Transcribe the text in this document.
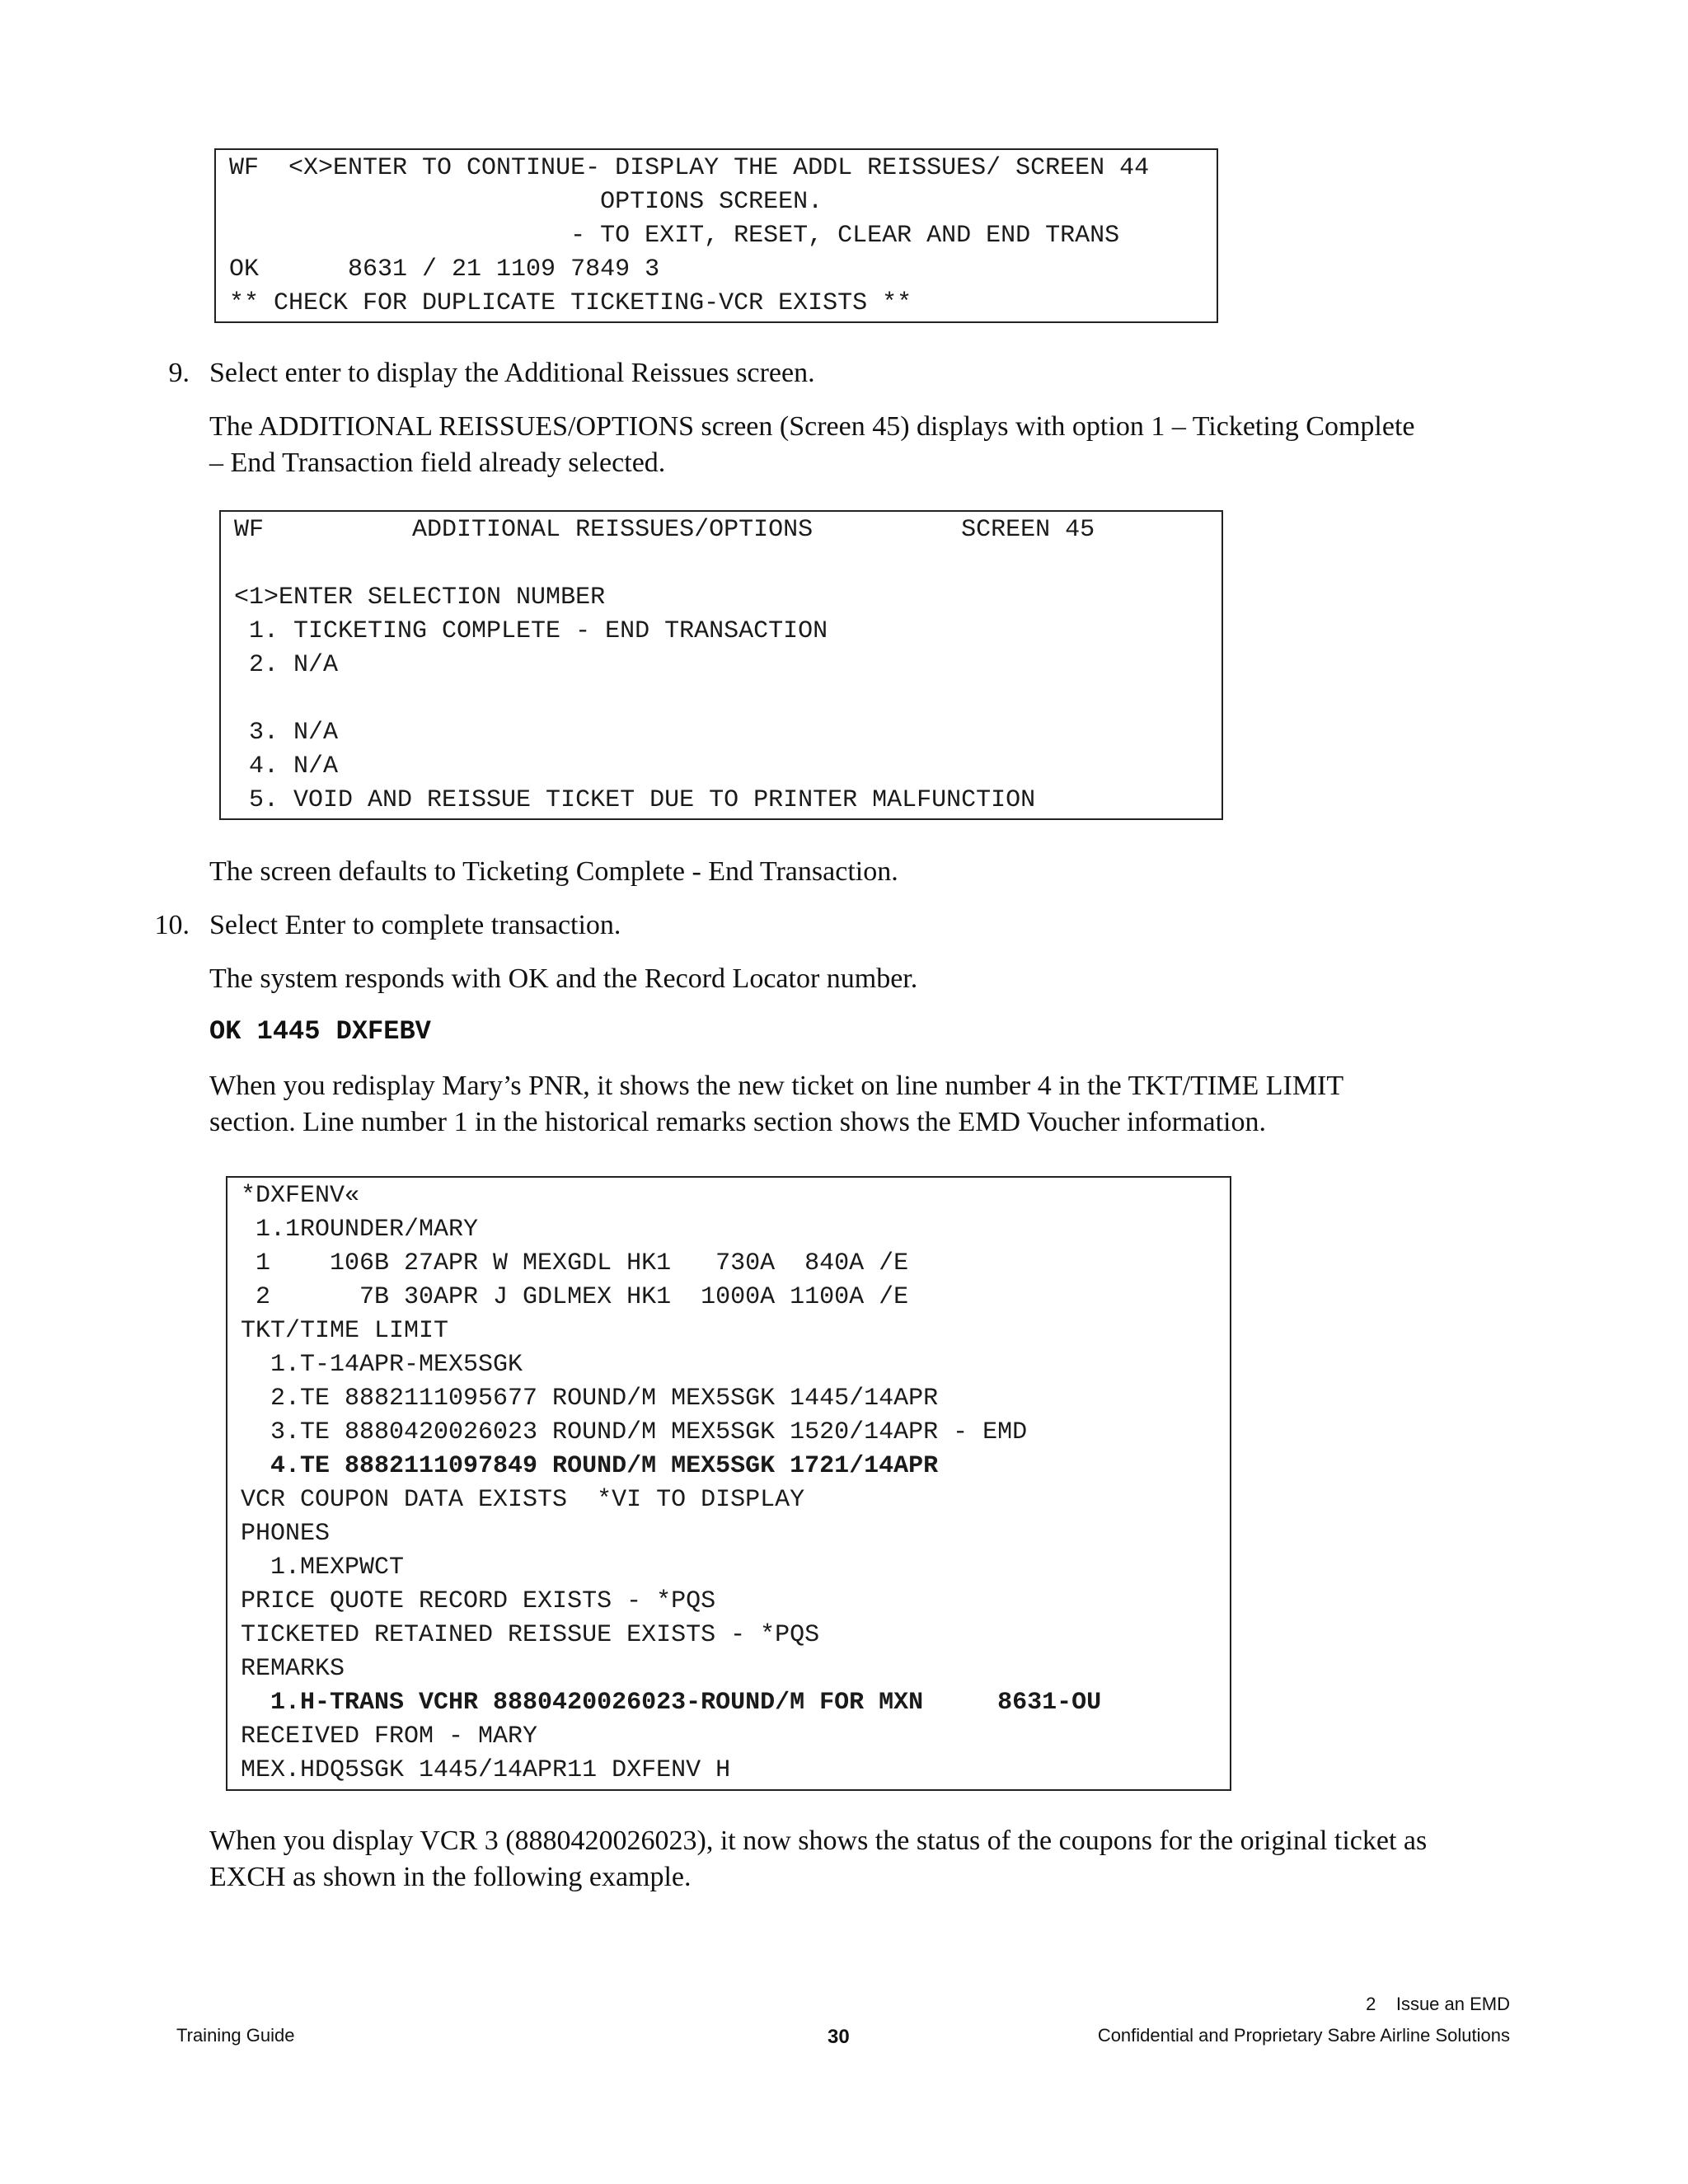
WF  <X>ENTER TO CONTINUE- DISPLAY THE ADDL REISSUES/ SCREEN 44
OPTIONS SCREEN.
- TO EXIT, RESET, CLEAR AND END TRANS
OK      8631 / 21 1109 7849 3
** CHECK FOR DUPLICATE TICKETING-VCR EXISTS **
9. Select enter to display the Additional Reissues screen.
The ADDITIONAL REISSUES/OPTIONS screen (Screen 45) displays with option 1 – Ticketing Complete
– End Transaction field already selected.
WF          ADDITIONAL REISSUES/OPTIONS          SCREEN 45
<1>ENTER SELECTION NUMBER
1. TICKETING COMPLETE - END TRANSACTION
2. N/A
3. N/A
4. N/A
5. VOID AND REISSUE TICKET DUE TO PRINTER MALFUNCTION
The screen defaults to Ticketing Complete - End Transaction.
10. Select Enter to complete transaction.
The system responds with OK and the Record Locator number.
OK 1445 DXFEBV
When you redisplay Mary’s PNR, it shows the new ticket on line number 4 in the TKT/TIME LIMIT
section. Line number 1 in the historical remarks section shows the EMD Voucher information.
*DXFENV«
1.1ROUNDER/MARY
1    106B 27APR W MEXGDL HK1   730A  840A /E
2      7B 30APR J GDLMEX HK1  1000A 1100A /E
TKT/TIME LIMIT
1.T-14APR-MEX5SGK
2.TE 8882111095677 ROUND/M MEX5SGK 1445/14APR
3.TE 8880420026023 ROUND/M MEX5SGK 1520/14APR - EMD
4.TE 8882111097849 ROUND/M MEX5SGK 1721/14APR
VCR COUPON DATA EXISTS  *VI TO DISPLAY
PHONES
1.MEXPWCT
PRICE QUOTE RECORD EXISTS - *PQS
TICKETED RETAINED REISSUE EXISTS - *PQS
REMARKS
1.H-TRANS VCHR 8880420026023-ROUND/M FOR MXN     8631-OU
RECEIVED FROM - MARY
MEX.HDQ5SGK 1445/14APR11 DXFENV H
When you display VCR 3 (8880420026023), it now shows the status of the coupons for the original ticket as
EXCH as shown in the following example.
2    Issue an EMD
Training Guide	30	Confidential and Proprietary Sabre Airline Solutions
